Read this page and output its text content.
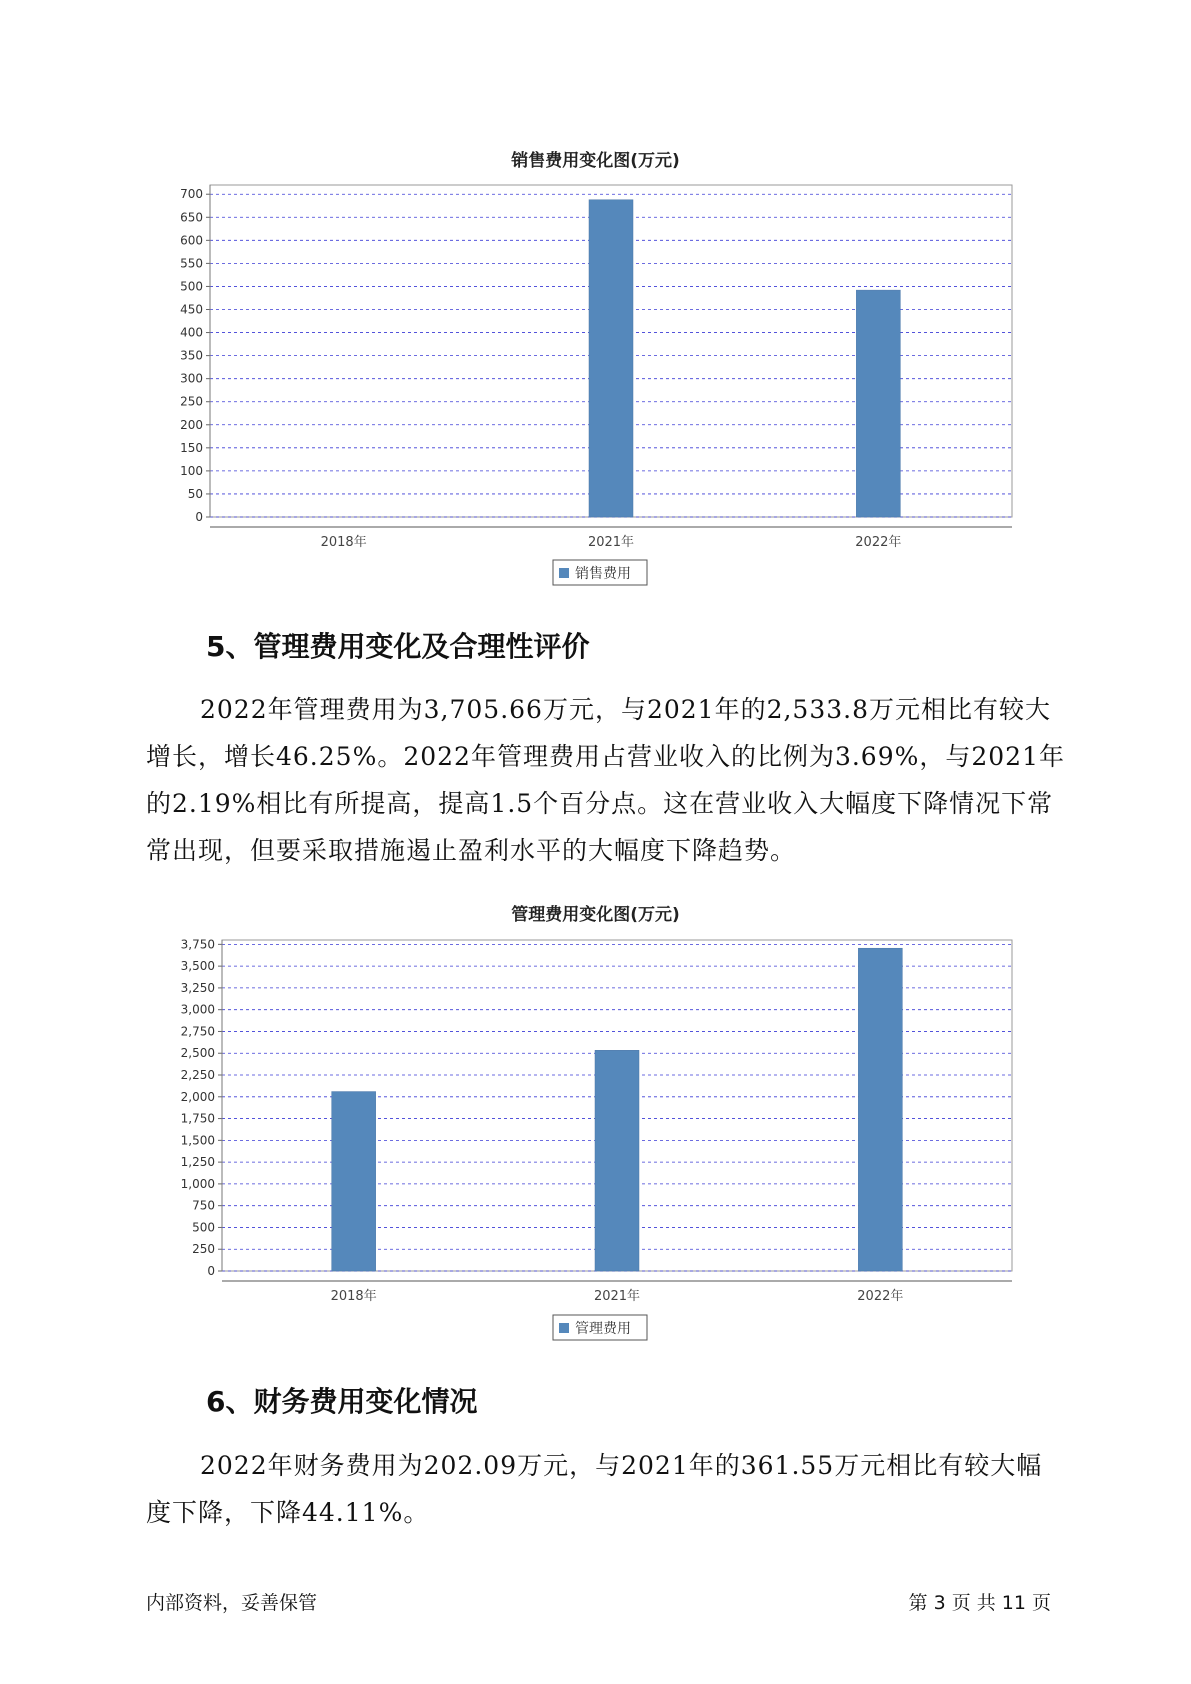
销售费用变化图(万元)
0
50
100
150
200
250
300
350
400
450
500
550
600
650
700
2018年	2021年	2022年
销售费用
5、管理费用变化及合理性评价

2022年管理费用为3,705.66万元，与2021年的2,533.8万元相比有较大增长，增长46.25%。2022年管理费用占营业收入的比例为3.69%，与2021年的2.19%相比有所提高，提高1.5个百分点。这在营业收入大幅度下降情况下常常出现，但要采取措施遏止盈利水平的大幅度下降趋势。

管理费用变化图(万元)
0
250
500
750
1,000
1,250
1,500
1,750
2,000
2,250
2,500
2,750
3,000
3,250
3,500
3,750
2018年	2021年	2022年
管理费用
6、财务费用变化情况

2022年财务费用为202.09万元，与2021年的361.55万元相比有较大幅度下降，下降44.11%。

内部资料，妥善保管	第 3 页 共 11 页
